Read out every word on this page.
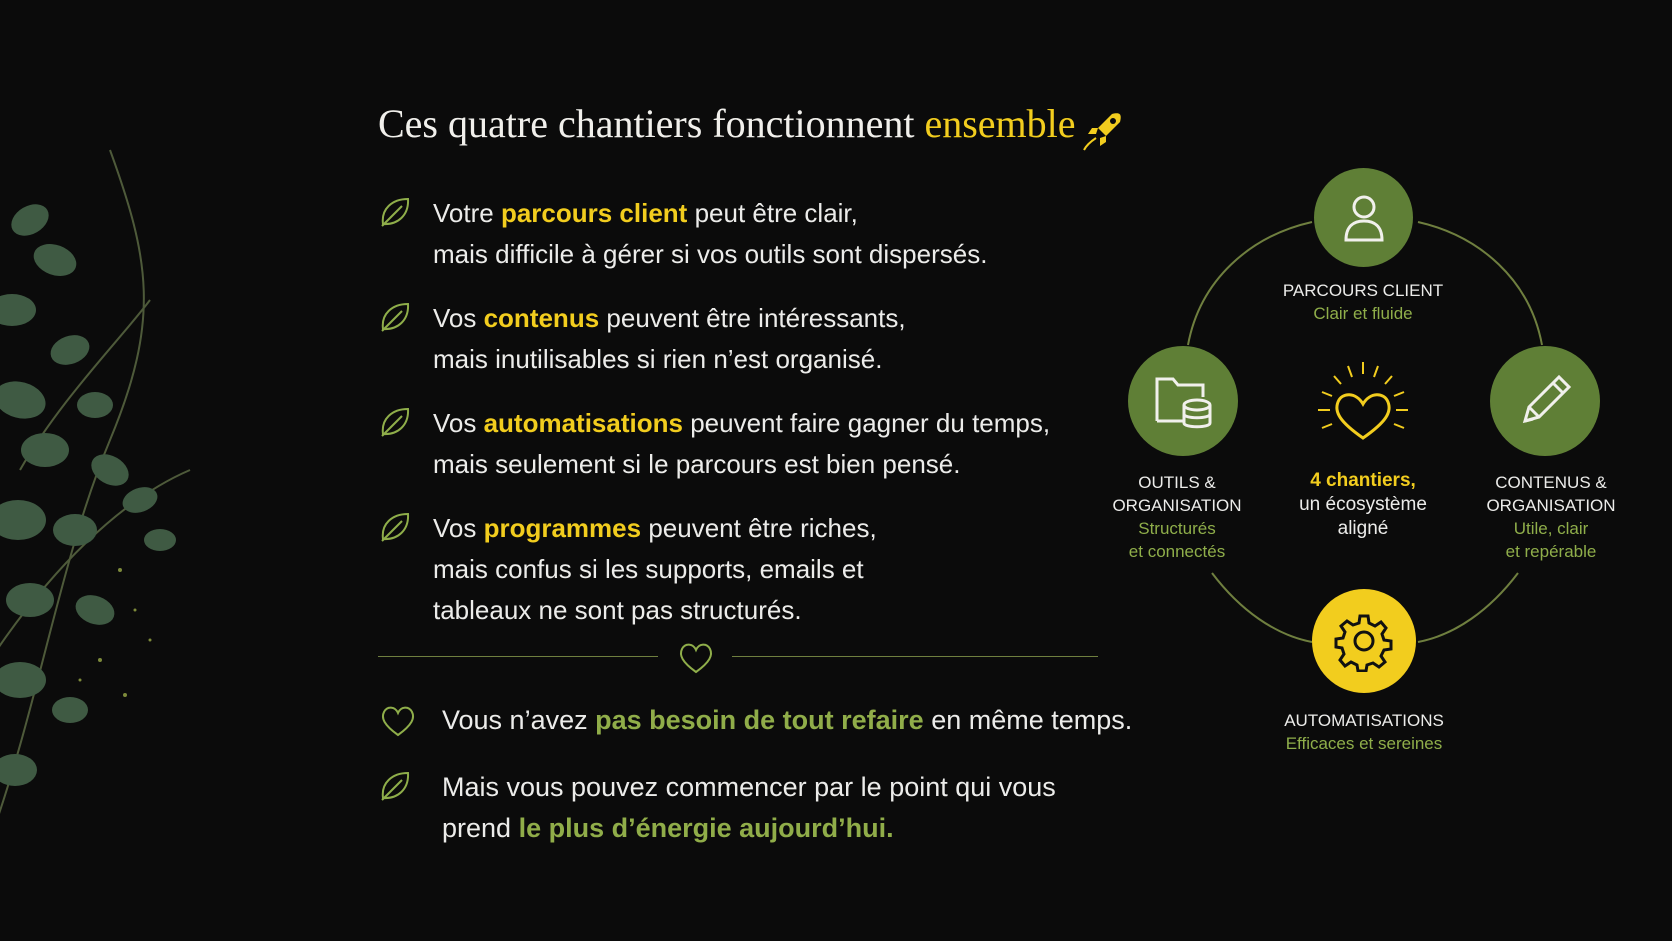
Ces quatre chantiers fonctionnent ensemble
Votre parcours client peut être clair,
mais difficile à gérer si vos outils sont dispersés.
Vos contenus peuvent être intéressants,
mais inutilisables si rien n’est organisé.
Vos automatisations peuvent faire gagner du temps,
mais seulement si le parcours est bien pensé.
Vos programmes peuvent être riches,
mais confus si les supports, emails et
tableaux ne sont pas structurés.
Vous n’avez pas besoin de tout refaire en même temps.
Mais vous pouvez commencer par le point qui vous
prend le plus d’énergie aujourd’hui.
PARCOURS CLIENT
Clair et fluide
OUTILS &
ORGANISATION
Structurés
et connectés
4 chantiers,
un écosystème
aligné
CONTENUS &
ORGANISATION
Utile, clair
et repérable
AUTOMATISATIONS
Efficaces et sereines
